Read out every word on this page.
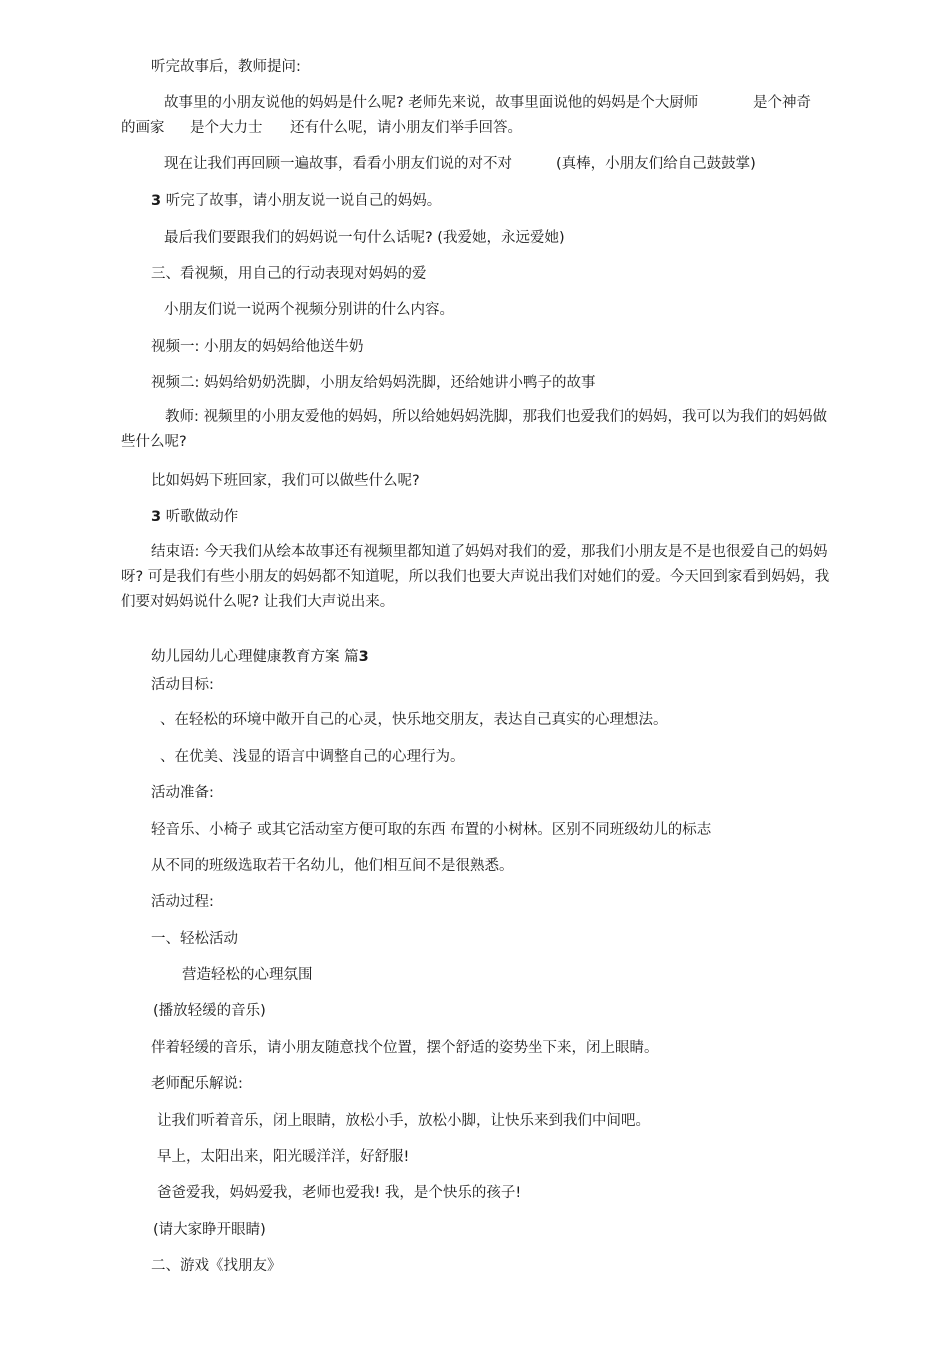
听完故事后，教师提问:

故事里的小朋友说他的妈妈是什么呢? 老师先来说，故事里面说他的妈妈是个大厨师	是个神奇

的画家 是个大力士 还有什么呢，请小朋友们举手回答。

现在让我们再回顾一遍故事，看看小朋友们说的对不对	(真棒，小朋友们给自己鼓鼓掌)

3 听完了故事，请小朋友说一说自己的妈妈。

最后我们要跟我们的妈妈说一句什么话呢? (我爱她，永远爱她)

三、看视频，用自己的行动表现对妈妈的爱

小朋友们说一说两个视频分别讲的什么内容。

视频一: 小朋友的妈妈给他送牛奶

视频二: 妈妈给奶奶洗脚，小朋友给妈妈洗脚，还给她讲小鸭子的故事

教师: 视频里的小朋友爱他的妈妈，所以给她妈妈洗脚，那我们也爱我们的妈妈，我可以为我们的妈妈做些什么呢?

比如妈妈下班回家，我们可以做些什么呢?

3 听歌做动作

结束语: 今天我们从绘本故事还有视频里都知道了妈妈对我们的爱，那我们小朋友是不是也很爱自己的妈妈呀? 可是我们有些小朋友的妈妈都不知道呢，所以我们也要大声说出我们对她们的爱。今天回到家看到妈妈，我们要对妈妈说什么呢? 让我们大声说出来。

幼儿园幼儿心理健康教育方案 篇3

活动目标:

、在轻松的环境中敞开自己的心灵，快乐地交朋友，表达自己真实的心理想法。

、在优美、浅显的语言中调整自己的心理行为。

活动准备:

轻音乐、小椅子 或其它活动室方便可取的东西 布置的小树林。区别不同班级幼儿的标志

从不同的班级选取若干名幼儿，他们相互间不是很熟悉。

活动过程:

一、轻松活动

营造轻松的心理氛围

(播放轻缓的音乐)

伴着轻缓的音乐，请小朋友随意找个位置，摆个舒适的姿势坐下来，闭上眼睛。

老师配乐解说:

让我们听着音乐，闭上眼睛，放松小手，放松小脚，让快乐来到我们中间吧。

早上，太阳出来，阳光暖洋洋，好舒服!

爸爸爱我，妈妈爱我，老师也爱我! 我，是个快乐的孩子!

(请大家睁开眼睛)

二、游戏《找朋友》
